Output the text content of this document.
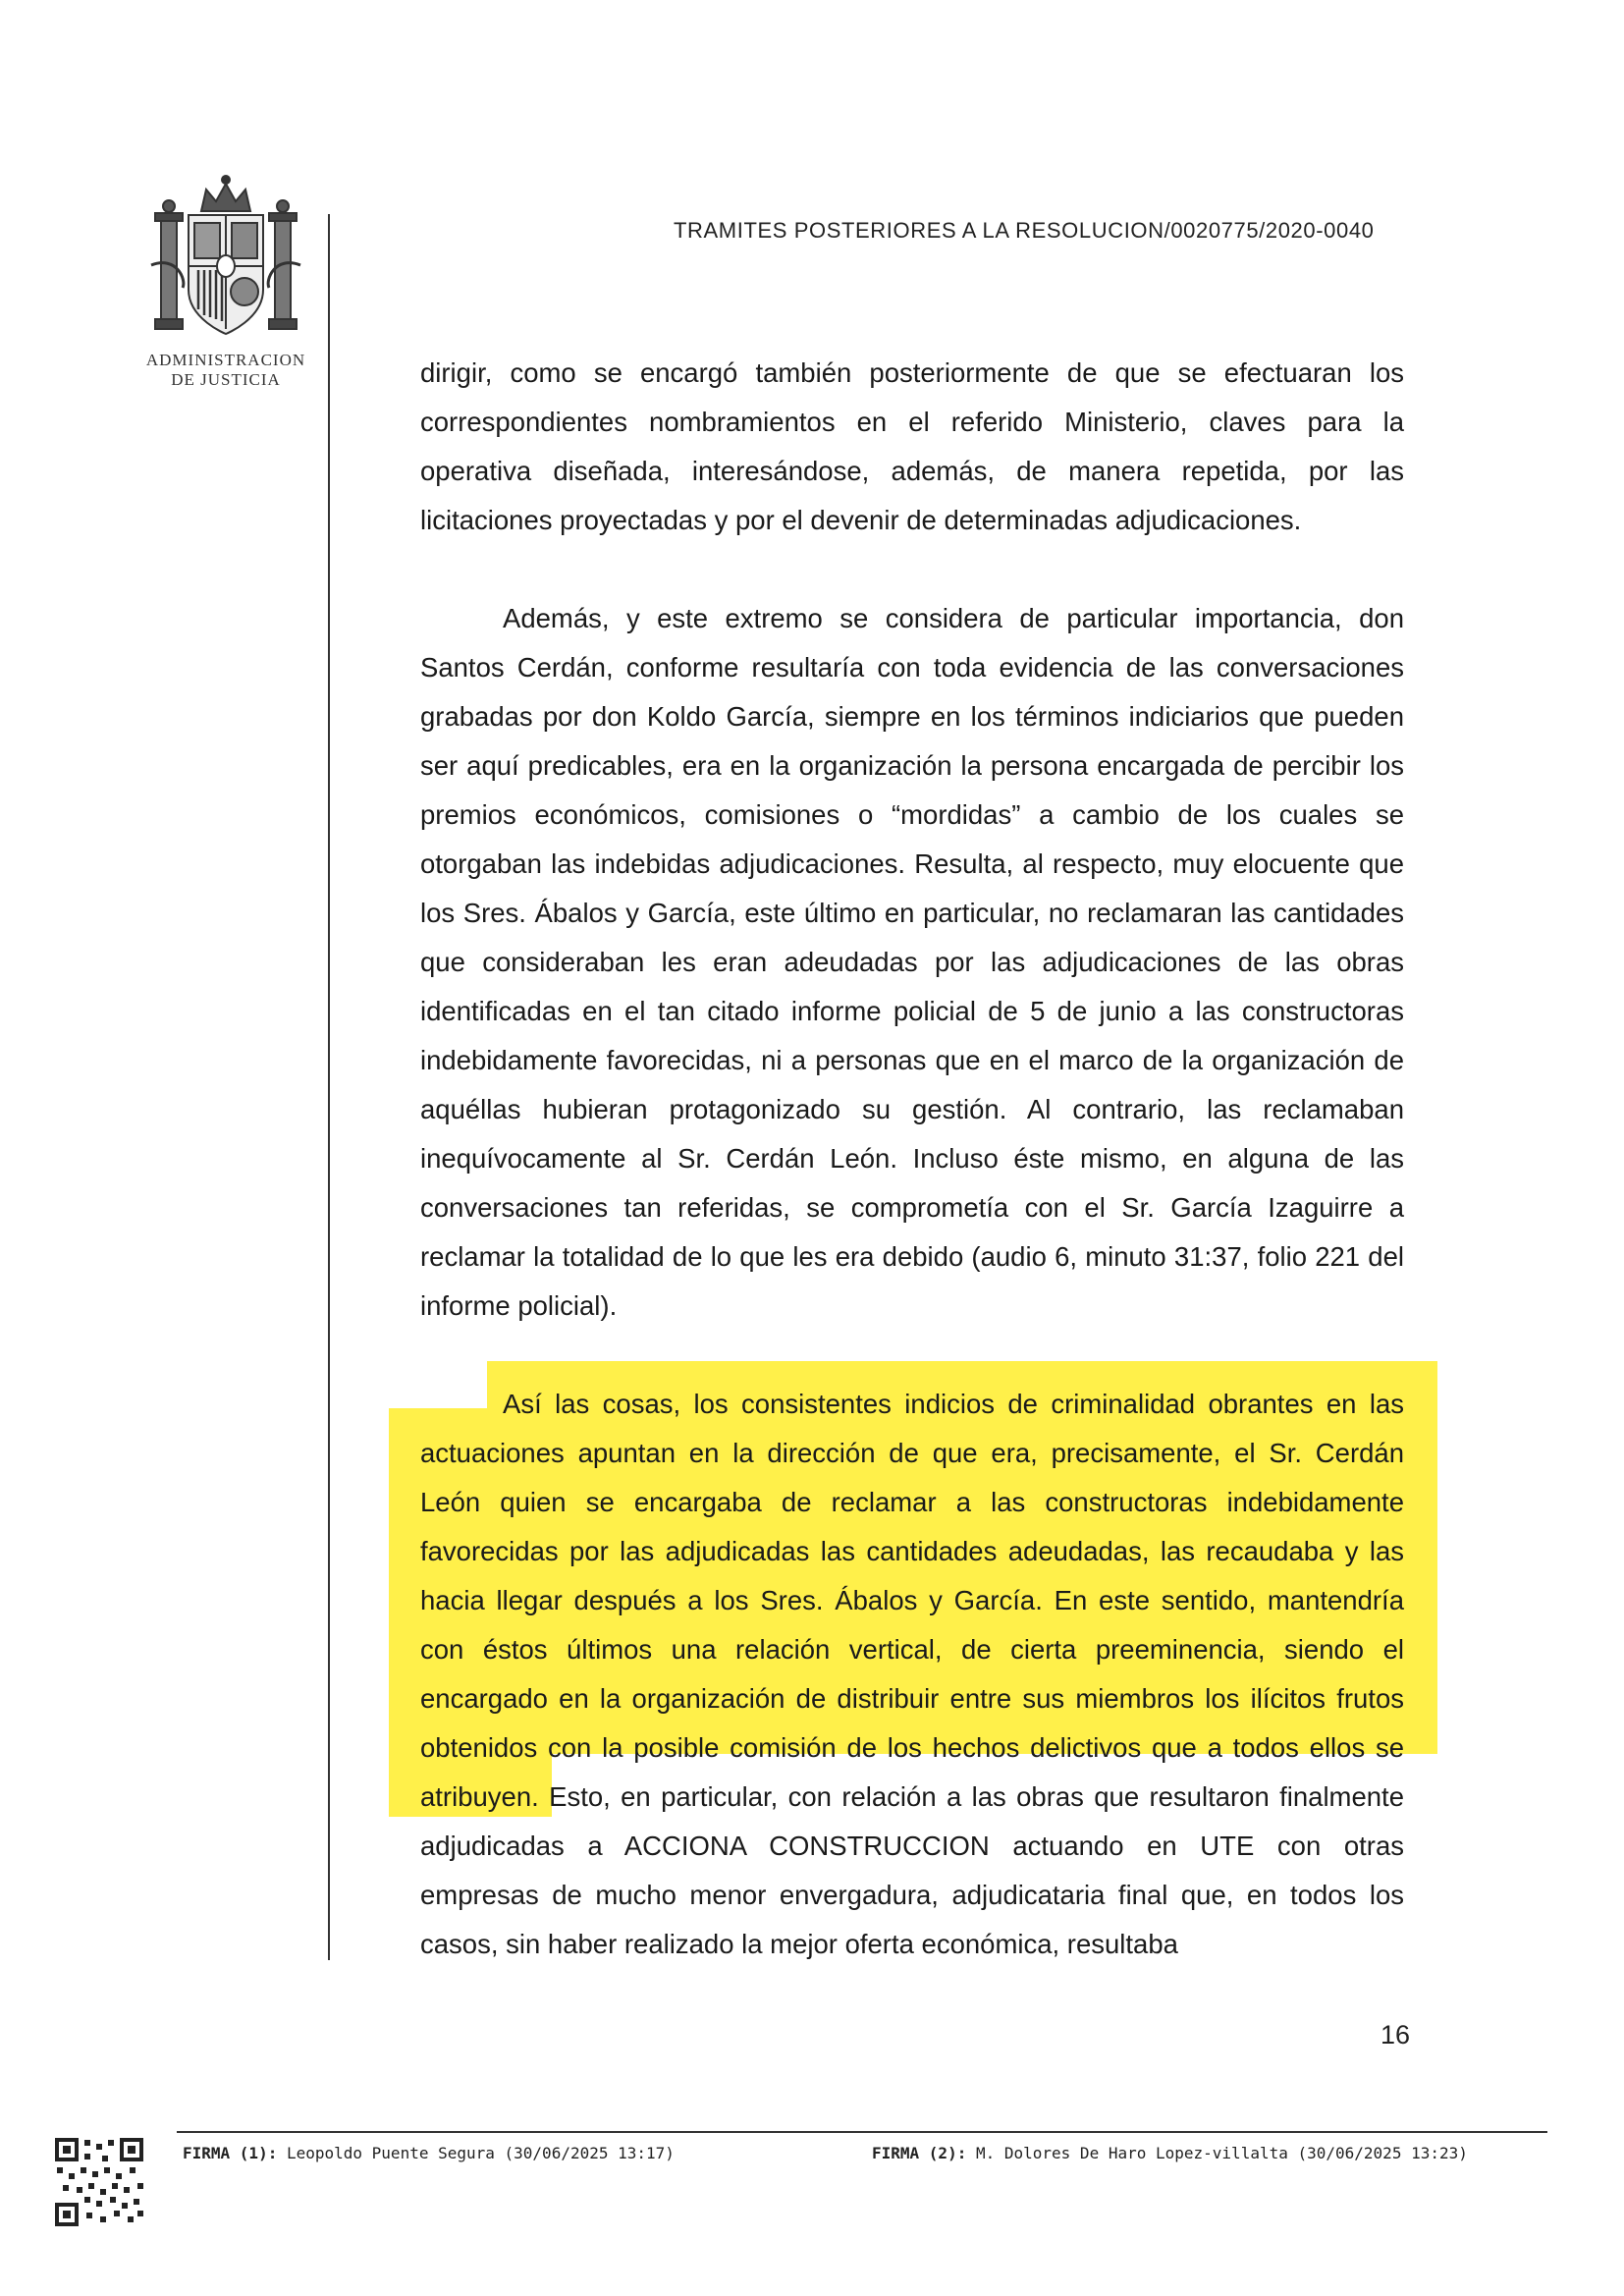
ADMINISTRACION DE JUSTICIA
TRAMITES POSTERIORES A LA RESOLUCION/0020775/2020-0040

dirigir, como se encargó también posteriormente de que se efectuaran los correspondientes nombramientos en el referido Ministerio, claves para la operativa diseñada, interesándose, además, de manera repetida, por las licitaciones proyectadas y por el devenir de determinadas adjudicaciones.

Además, y este extremo se considera de particular importancia, don Santos Cerdán, conforme resultaría con toda evidencia de las conversaciones grabadas por don Koldo García, siempre en los términos indiciarios que pueden ser aquí predicables, era en la organización la persona encargada de percibir los premios económicos, comisiones o “mordidas” a cambio de los cuales se otorgaban las indebidas adjudicaciones. Resulta, al respecto, muy elocuente que los Sres. Ábalos y García, este último en particular, no reclamaran las cantidades que consideraban les eran adeudadas por las adjudicaciones de las obras identificadas en el tan citado informe policial de 5 de junio a las constructoras indebidamente favorecidas, ni a personas que en el marco de la organización de aquéllas hubieran protagonizado su gestión. Al contrario, las reclamaban inequívocamente al Sr. Cerdán León. Incluso éste mismo, en alguna de las conversaciones tan referidas, se comprometía con el Sr. García Izaguirre a reclamar la totalidad de lo que les era debido (audio 6, minuto 31:37, folio 221 del informe policial).

Así las cosas, los consistentes indicios de criminalidad obrantes en las actuaciones apuntan en la dirección de que era, precisamente, el Sr. Cerdán León quien se encargaba de reclamar a las constructoras indebidamente favorecidas por las adjudicadas las cantidades adeudadas, las recaudaba y las hacia llegar después a los Sres. Ábalos y García. En este sentido, mantendría con éstos últimos una relación vertical, de cierta preeminencia, siendo el encargado en la organización de distribuir entre sus miembros los ilícitos frutos obtenidos con la posible comisión de los hechos delictivos que a todos ellos se atribuyen. Esto, en particular, con relación a las obras que resultaron finalmente adjudicadas a ACCIONA CONSTRUCCION actuando en UTE con otras empresas de mucho menor envergadura, adjudicataria final que, en todos los casos, sin haber realizado la mejor oferta económica, resultaba

16
FIRMA (1): Leopoldo Puente Segura (30/06/2025 13:17)	FIRMA (2): M. Dolores De Haro Lopez-villalta (30/06/2025 13:23)
